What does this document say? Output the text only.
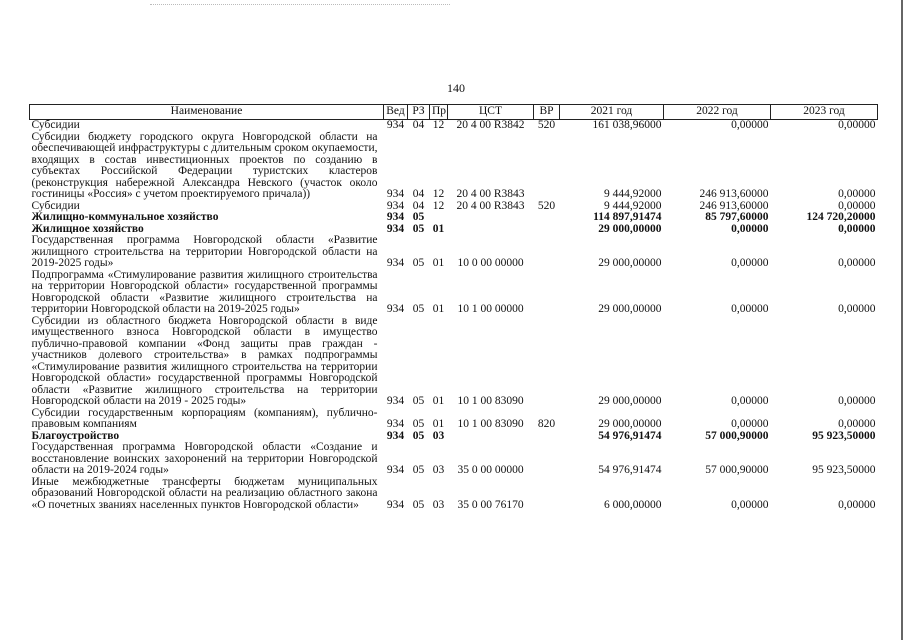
140
Наименование	Вед	РЗ	Пр	ЦСТ	ВР	2021 год	2022 год	2023 год
Субсидии	934	04	12	20 4 00 R3842	520	161 038,96000	0,00000	0,00000
Субсидии бюджету городского округа Новгородской области на обеспечивающей инфраструктуры с длительным сроком окупаемости, входящих в состав инвестиционных проектов по созданию в субъектах Российской Федерации туристских кластеров (реконструкция набережной Александра Невского (участок около гостиницы «Россия» с учетом проектируемого причала))	934	04	12	20 4 00 R3843		9 444,92000	246 913,60000	0,00000
Субсидии	934	04	12	20 4 00 R3843	520	9 444,92000	246 913,60000	0,00000
Жилищно-коммунальное хозяйство	934	05				114 897,91474	85 797,60000	124 720,20000
Жилищное хозяйство	934	05	01			29 000,00000	0,00000	0,00000
Государственная программа Новгородской области «Развитие жилищного строительства на территории Новгородской области на 2019-2025 годы»	934	05	01	10 0 00 00000		29 000,00000	0,00000	0,00000
Подпрограмма «Стимулирование развития жилищного строительства на территории Новгородской области» государственной программы Новгородской области «Развитие жилищного строительства на территории Новгородской области на 2019-2025 годы»	934	05	01	10 1 00 00000		29 000,00000	0,00000	0,00000
Субсидии из областного бюджета Новгородской области в виде имущественного взноса Новгородской области в имущество публично-правовой компании «Фонд защиты прав граждан - участников долевого строительства» в рамках подпрограммы «Стимулирование развития жилищного строительства на территории Новгородской области» государственной программы Новгородской области «Развитие жилищного строительства на территории Новгородской области на 2019 - 2025 годы»	934	05	01	10 1 00 83090		29 000,00000	0,00000	0,00000
Субсидии государственным корпорациям (компаниям), публично-правовым компаниям	934	05	01	10 1 00 83090	820	29 000,00000	0,00000	0,00000
Благоустройство	934	05	03			54 976,91474	57 000,90000	95 923,50000
Государственная программа Новгородской области «Создание и восстановление воинских захоронений на территории Новгородской области на 2019-2024 годы»	934	05	03	35 0 00 00000		54 976,91474	57 000,90000	95 923,50000
Иные межбюджетные трансферты бюджетам муниципальных образований Новгородской области на реализацию областного закона «О почетных званиях населенных пунктов Новгородской области»	934	05	03	35 0 00 76170		6 000,00000	0,00000	0,00000
